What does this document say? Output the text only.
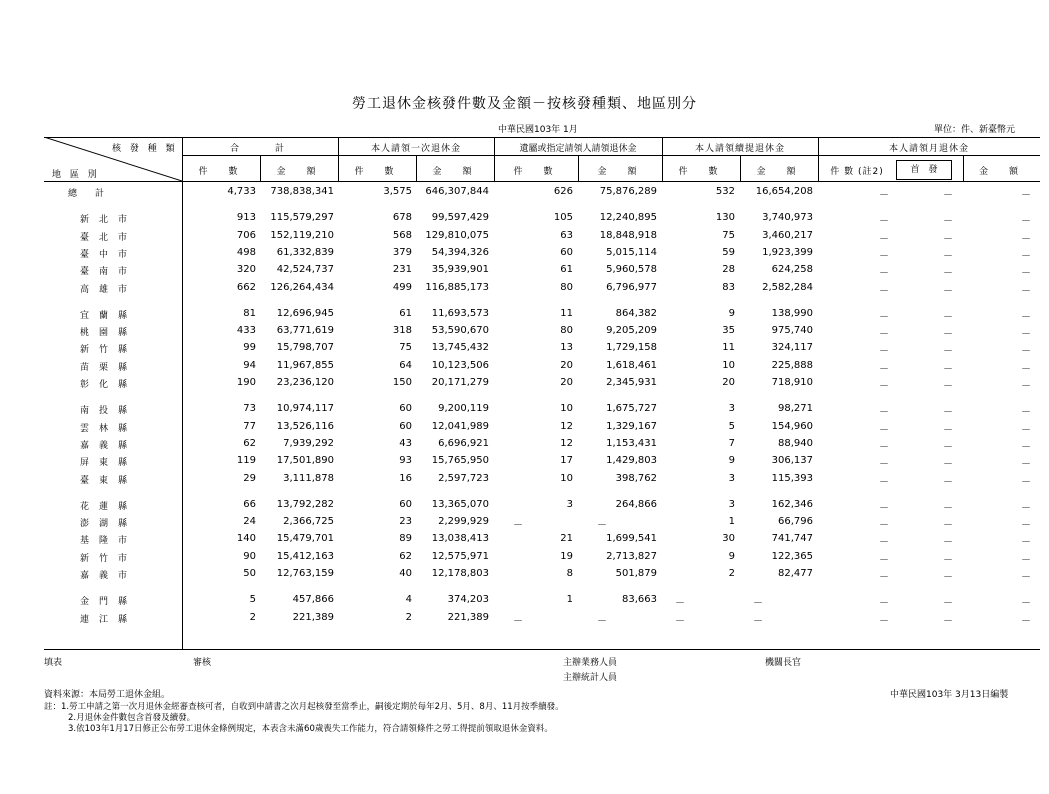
勞工退休金核發件數及金額－按核發種類、地區別分
中華民國103年 1月	單位：件、新臺幣元
核 發 種 類
地 區 別
合　　計	本人請領一次退休金	遺屬或指定請領人請領退休金	本人請領續提退休金	本人請領月退休金
件　數	金　額	件　數	金　額	件　數	金　額	件　數	金　額	件 數 (註2)	首　發	金　額
總　　計	4,733	738,838,341	3,575	646,307,844	626	75,876,289	532	16,654,208	－	－	－
新北市	913	115,579,297	678	99,597,429	105	12,240,895	130	3,740,973	－	－	－
臺北市	706	152,119,210	568	129,810,075	63	18,848,918	75	3,460,217	－	－	－
臺中市	498	61,332,839	379	54,394,326	60	5,015,114	59	1,923,399	－	－	－
臺南市	320	42,524,737	231	35,939,901	61	5,960,578	28	624,258	－	－	－
高雄市	662	126,264,434	499	116,885,173	80	6,796,977	83	2,582,284	－	－	－
宜蘭縣	81	12,696,945	61	11,693,573	11	864,382	9	138,990	－	－	－
桃園縣	433	63,771,619	318	53,590,670	80	9,205,209	35	975,740	－	－	－
新竹縣	99	15,798,707	75	13,745,432	13	1,729,158	11	324,117	－	－	－
苗栗縣	94	11,967,855	64	10,123,506	20	1,618,461	10	225,888	－	－	－
彰化縣	190	23,236,120	150	20,171,279	20	2,345,931	20	718,910	－	－	－
南投縣	73	10,974,117	60	9,200,119	10	1,675,727	3	98,271	－	－	－
雲林縣	77	13,526,116	60	12,041,989	12	1,329,167	5	154,960	－	－	－
嘉義縣	62	7,939,292	43	6,696,921	12	1,153,431	7	88,940	－	－	－
屏東縣	119	17,501,890	93	15,765,950	17	1,429,803	9	306,137	－	－	－
臺東縣	29	3,111,878	16	2,597,723	10	398,762	3	115,393	－	－	－
花蓮縣	66	13,792,282	60	13,365,070	3	264,866	3	162,346	－	－	－
澎湖縣	24	2,366,725	23	2,299,929	－	－	1	66,796	－	－	－
基隆市	140	15,479,701	89	13,038,413	21	1,699,541	30	741,747	－	－	－
新竹市	90	15,412,163	62	12,575,971	19	2,713,827	9	122,365	－	－	－
嘉義市	50	12,763,159	40	12,178,803	8	501,879	2	82,477	－	－	－
金門縣	5	457,866	4	374,203	1	83,663	－	－	－	－	－
連江縣	2	221,389	2	221,389	－	－	－	－	－	－	－
填表	審核	主辦業務人員	機關長官
主辦統計人員
資料來源：本局勞工退休金組。	中華民國103年 3月13日編製
註：1.勞工申請之第一次月退休金經審查核可者，自收到申請書之次月起核發至當季止，嗣後定期於每年2月、5月、8月、11月按季續發。
2.月退休金件數包含首發及續發。
3.依103年1月17日修正公布勞工退休金條例規定，本表含未滿60歲喪失工作能力，符合請領條件之勞工得提前領取退休金資料。
